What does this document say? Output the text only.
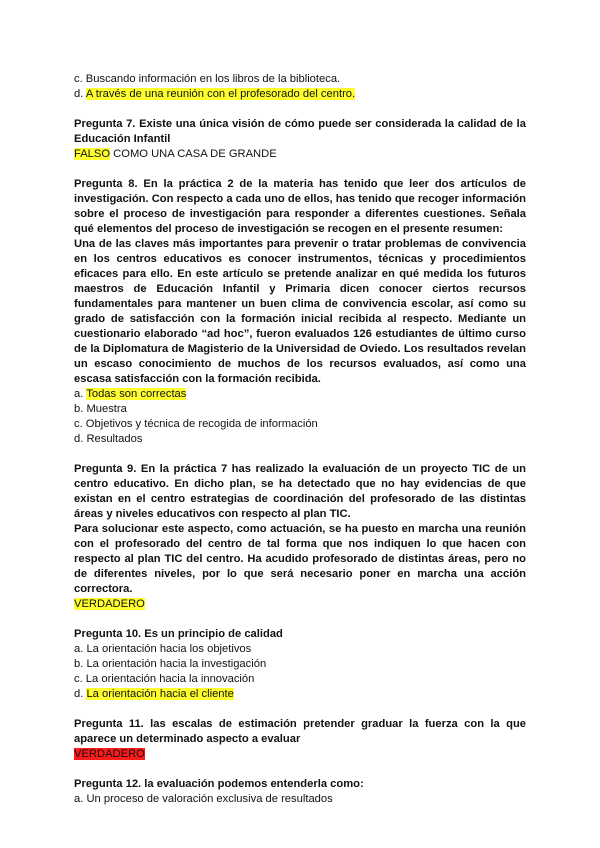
c. Buscando información en los libros de la biblioteca.
d. A través de una reunión con el profesorado del centro.
Pregunta 7. Existe una única visión de cómo puede ser considerada la calidad de la Educación Infantil
FALSO COMO UNA CASA DE GRANDE
Pregunta 8. En la práctica 2 de la materia has tenido que leer dos artículos de investigación. Con respecto a cada uno de ellos, has tenido que recoger información sobre el proceso de investigación para responder a diferentes cuestiones. Señala qué elementos del proceso de investigación se recogen en el presente resumen:
Una de las claves más importantes para prevenir o tratar problemas de convivencia en los centros educativos es conocer instrumentos, técnicas y procedimientos eficaces para ello. En este artículo se pretende analizar en qué medida los futuros maestros de Educación Infantil y Primaria dicen conocer ciertos recursos fundamentales para mantener un buen clima de convivencia escolar, así como su grado de satisfacción con la formación inicial recibida al respecto. Mediante un cuestionario elaborado “ad hoc”, fueron evaluados 126 estudiantes de último curso de la Diplomatura de Magisterio de la Universidad de Oviedo. Los resultados revelan un escaso conocimiento de muchos de los recursos evaluados, así como una escasa satisfacción con la formación recibida.
a. Todas son correctas
b. Muestra
c. Objetivos y técnica de recogida de información
d. Resultados
Pregunta 9. En la práctica 7 has realizado la evaluación de un proyecto TIC de un centro educativo. En dicho plan, se ha detectado que no hay evidencias de que existan en el centro estrategias de coordinación del profesorado de las distintas áreas y niveles educativos con respecto al plan TIC.
Para solucionar este aspecto, como actuación, se ha puesto en marcha una reunión con el profesorado del centro de tal forma que nos indiquen lo que hacen con respecto al plan TIC del centro. Ha acudido profesorado de distintas áreas, pero no de diferentes niveles, por lo que será necesario poner en marcha una acción correctora.
VERDADERO
Pregunta 10. Es un principio de calidad
a. La orientación hacia los objetivos
b. La orientación hacia la investigación
c. La orientación hacia la innovación
d. La orientación hacia el cliente
Pregunta 11. las escalas de estimación pretender graduar la fuerza con la que aparece un determinado aspecto a evaluar
VERDADERO
Pregunta 12. la evaluación podemos entenderla como:
a. Un proceso de valoración exclusiva de resultados
